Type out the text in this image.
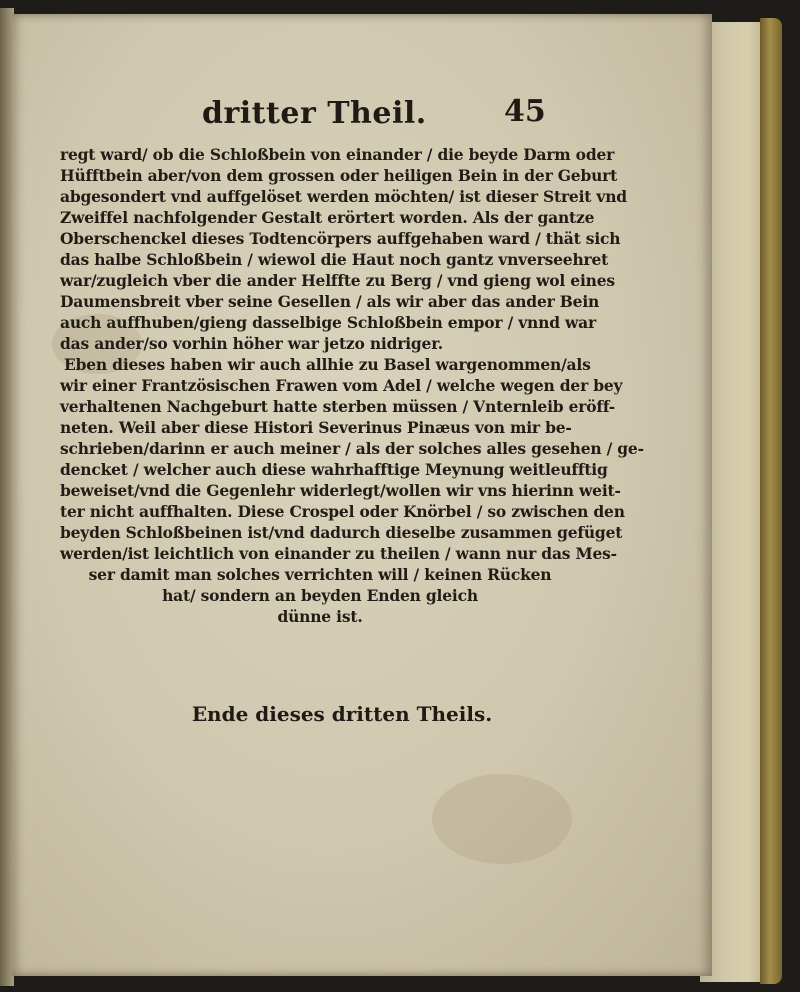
dritter Theil.	45
regt ward/ ob die Schloßbein von einander / die beyde Darm oder
Hüfftbein aber/von dem grossen oder heiligen Bein in der Geburt
abgesondert vnd auffgelöset werden möchten/ ist dieser Streit vnd
Zweiffel nachfolgender Gestalt erörtert worden. Als der gantze
Oberschenckel dieses Todtencörpers auffgehaben ward / thät sich
das halbe Schloßbein / wiewol die Haut noch gantz vnverseehret
war/zugleich vber die ander Helffte zu Berg / vnd gieng wol eines
Daumensbreit vber seine Gesellen / als wir aber das ander Bein
auch auffhuben/gieng dasselbige Schloßbein empor / vnnd war
das ander/so vorhin höher war jetzo nidriger.
Eben dieses haben wir auch allhie zu Basel wargenommen/als
wir einer Frantzösischen Frawen vom Adel / welche wegen der bey
verhaltenen Nachgeburt hatte sterben müssen / Vnternleib eröff-
neten. Weil aber diese Histori Severinus Pinæus von mir be-
schrieben/darinn er auch meiner / als der solches alles gesehen / ge-
dencket / welcher auch diese wahrhafftige Meynung weitleufftig
beweiset/vnd die Gegenlehr widerlegt/wollen wir vns hierinn weit-
ter nicht auffhalten. Diese Crospel oder Knörbel / so zwischen den
beyden Schloßbeinen ist/vnd dadurch dieselbe zusammen gefüget
werden/ist leichtlich von einander zu theilen / wann nur das Mes-
ser damit man solches verrichten will / keinen Rücken
hat/ sondern an beyden Enden gleich
dünne ist.
Ende dieses dritten Theils.
